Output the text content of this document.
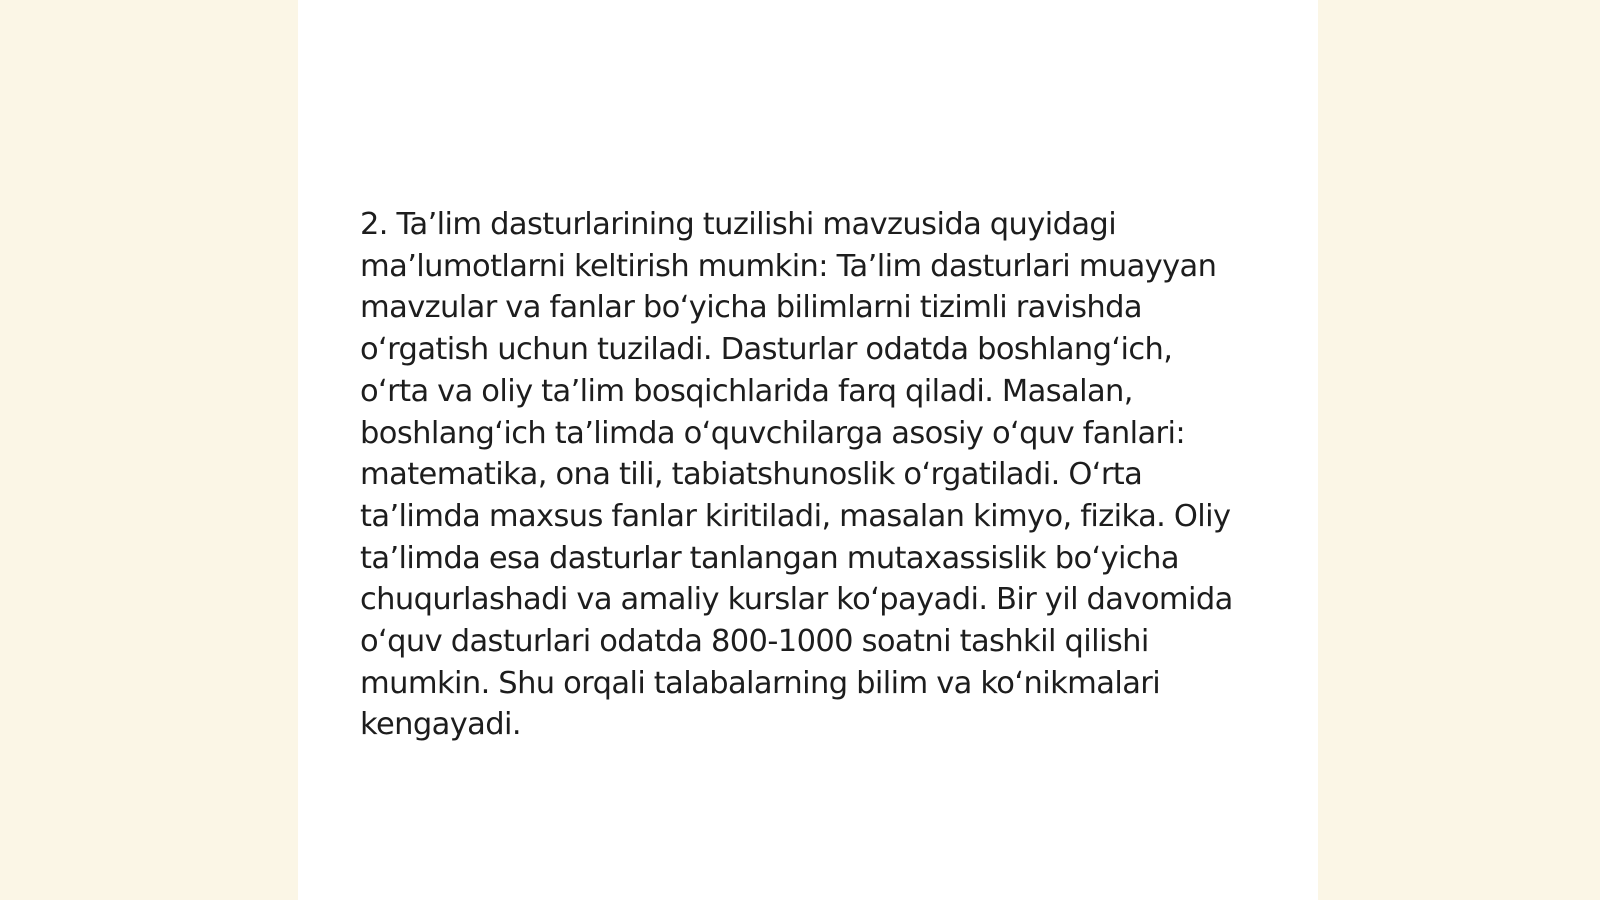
2. Ta’lim dasturlarining tuzilishi mavzusida quyidagi ma’lumotlarni keltirish mumkin: Ta’lim dasturlari muayyan mavzular va fanlar bo‘yicha bilimlarni tizimli ravishda o‘rgatish uchun tuziladi. Dasturlar odatda boshlang‘ich, o‘rta va oliy ta’lim bosqichlarida farq qiladi. Masalan, boshlang‘ich ta’limda o‘quvchilarga asosiy o‘quv fanlari: matematika, ona tili, tabiatshunoslik o‘rgatiladi. O‘rta ta’limda maxsus fanlar kiritiladi, masalan kimyo, fizika. Oliy ta’limda esa dasturlar tanlangan mutaxassislik bo‘yicha chuqurlashadi va amaliy kurslar ko‘payadi. Bir yil davomida o‘quv dasturlari odatda 800-1000 soatni tashkil qilishi mumkin. Shu orqali talabalarning bilim va ko‘nikmalari kengayadi.
